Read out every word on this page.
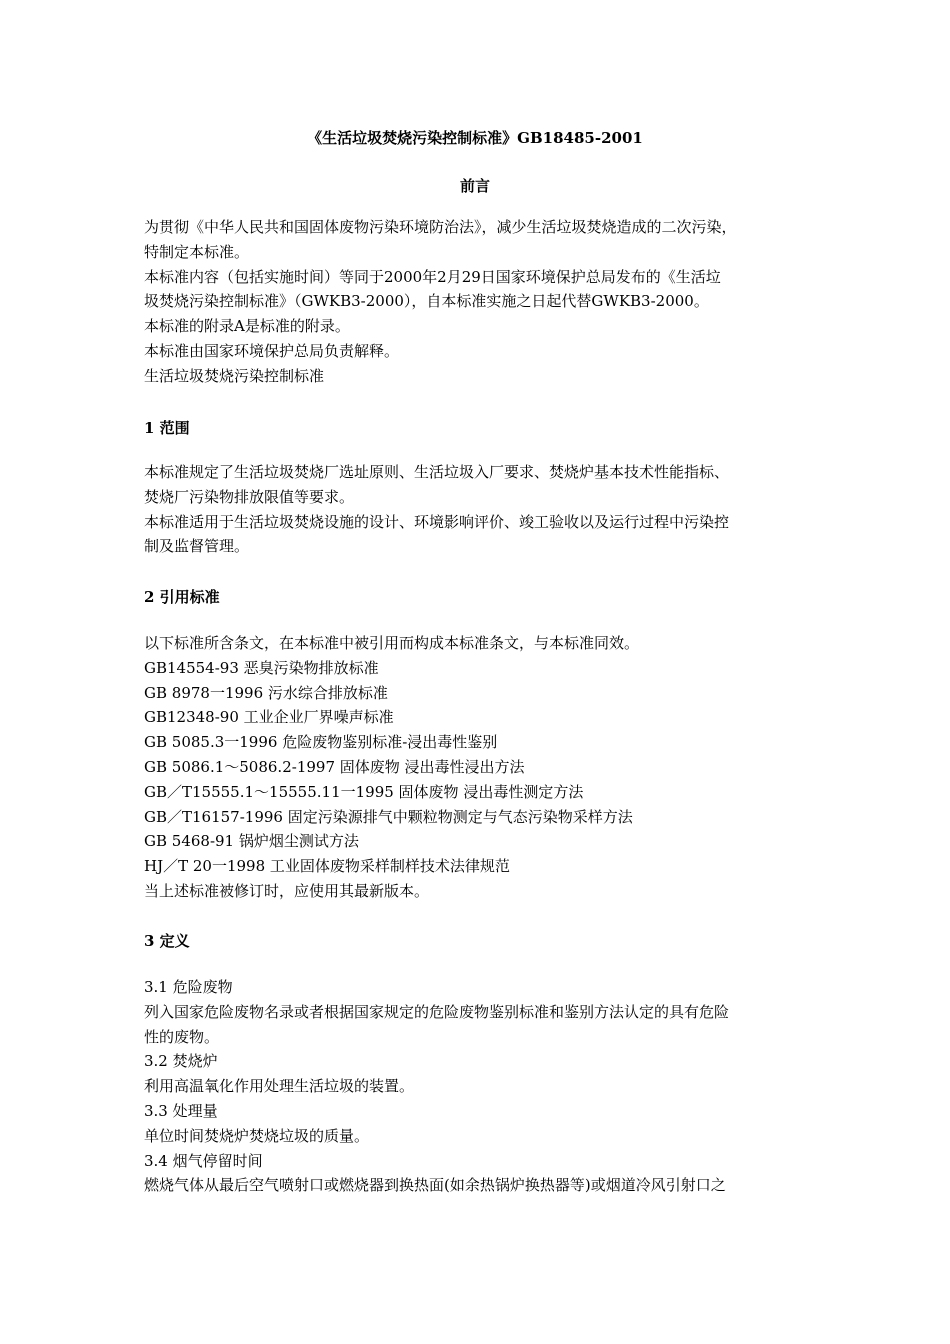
《生活垃圾焚烧污染控制标准》GB18485-2001
前言

为贯彻《中华人民共和国固体废物污染环境防治法》，减少生活垃圾焚烧造成的二次污染，

特制定本标准。

本标准内容（包括实施时间）等同于2000年2月29日国家环境保护总局发布的《生活垃

圾焚烧污染控制标准》（GWKB3-2000），自本标准实施之日起代替GWKB3-2000。

本标准的附录A是标准的附录。

本标准由国家环境保护总局负责解释。

生活垃圾焚烧污染控制标准

1 范围

本标准规定了生活垃圾焚烧厂选址原则、生活垃圾入厂要求、焚烧炉基本技术性能指标、

焚烧厂污染物排放限值等要求。

本标准适用于生活垃圾焚烧设施的设计、环境影响评价、竣工验收以及运行过程中污染控

制及监督管理。

2 引用标准

以下标准所含条文，在本标准中被引用而构成本标准条文，与本标准同效。

GB14554-93 恶臭污染物排放标准

GB 8978一1996 污水综合排放标准

GB12348-90 工业企业厂界噪声标准

GB 5085.3一1996 危险废物鉴别标准-浸出毒性鉴别

GB 5086.1～5086.2-1997 固体废物 浸出毒性浸出方法

GB／T15555.1～15555.11一1995 固体废物 浸出毒性测定方法

GB／T16157-1996 固定污染源排气中颗粒物测定与气态污染物采样方法

GB 5468-91 锅炉烟尘测试方法

HJ／T 20一1998 工业固体废物采样制样技术法律规范

当上述标准被修订时，应使用其最新版本。

3 定义

3.1 危险废物

列入国家危险废物名录或者根据国家规定的危险废物鉴别标准和鉴别方法认定的具有危险

性的废物。

3.2 焚烧炉

利用高温氧化作用处理生活垃圾的装置。

3.3 处理量

单位时间焚烧炉焚烧垃圾的质量。

3.4 烟气停留时间

燃烧气体从最后空气喷射口或燃烧器到换热面(如余热锅炉换热器等)或烟道冷风引射口之
